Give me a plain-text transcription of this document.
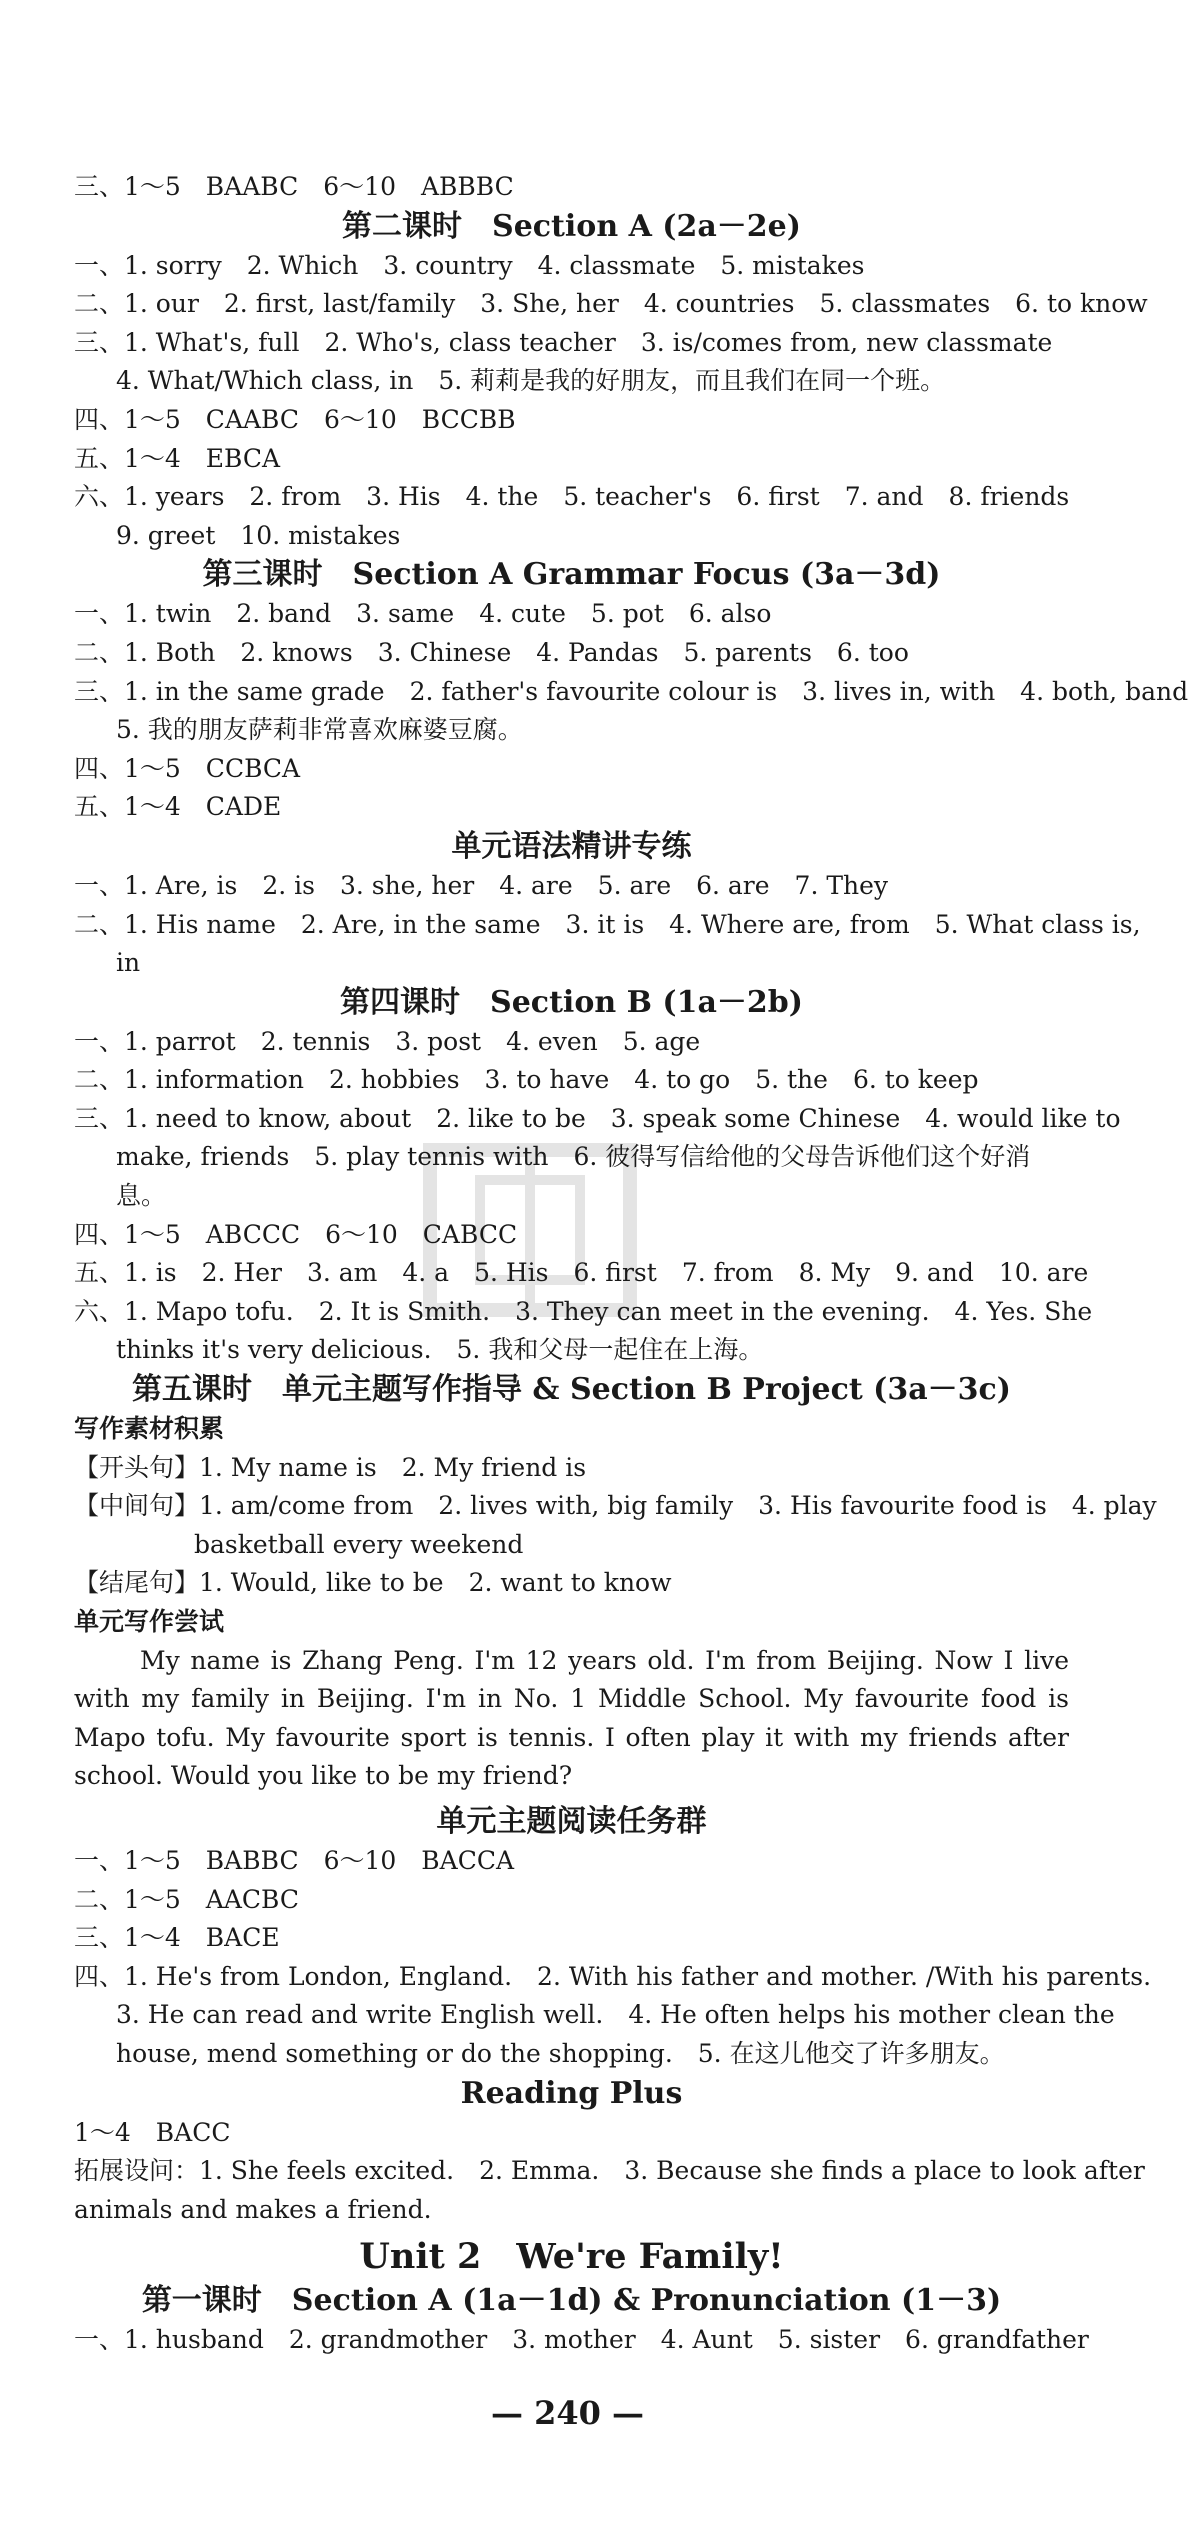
三、1～5　BAABC　6～10　ABBBC
第二课时　Section A (2a－2e)
一、1. sorry　2. Which　3. country　4. classmate　5. mistakes
二、1. our　2. first, last/family　3. She, her　4. countries　5. classmates　6. to know
三、1. What's, full　2. Who's, class teacher　3. is/comes from, new classmate
4. What/Which class, in　5. 莉莉是我的好朋友，而且我们在同一个班。
四、1～5　CAABC　6～10　BCCBB
五、1～4　EBCA
六、1. years　2. from　3. His　4. the　5. teacher's　6. first　7. and　8. friends
9. greet　10. mistakes
第三课时　Section A Grammar Focus (3a－3d)
一、1. twin　2. band　3. same　4. cute　5. pot　6. also
二、1. Both　2. knows　3. Chinese　4. Pandas　5. parents　6. too
三、1. in the same grade　2. father's favourite colour is　3. lives in, with　4. both, band
5. 我的朋友萨莉非常喜欢麻婆豆腐。
四、1～5　CCBCA
五、1～4　CADE
单元语法精讲专练
一、1. Are, is　2. is　3. she, her　4. are　5. are　6. are　7. They
二、1. His name　2. Are, in the same　3. it is　4. Where are, from　5. What class is,
in
第四课时　Section B (1a－2b)
一、1. parrot　2. tennis　3. post　4. even　5. age
二、1. information　2. hobbies　3. to have　4. to go　5. the　6. to keep
三、1. need to know, about　2. like to be　3. speak some Chinese　4. would like to
make, friends　5. play tennis with　6. 彼得写信给他的父母告诉他们这个好消
息。
四、1～5　ABCCC　6～10　CABCC
五、1. is　2. Her　3. am　4. a　5. His　6. first　7. from　8. My　9. and　10. are
六、1. Mapo tofu.　2. It is Smith.　3. They can meet in the evening.　4. Yes. She
thinks it's very delicious.　5. 我和父母一起住在上海。
第五课时　单元主题写作指导 & Section B Project (3a－3c)
写作素材积累
【开头句】1. My name is　2. My friend is
【中间句】1. am/come from　2. lives with, big family　3. His favourite food is　4. play
basketball every weekend
【结尾句】1. Would, like to be　2. want to know
单元写作尝试
My name is Zhang Peng. I'm 12 years old. I'm from Beijing. Now I live with my family in Beijing. I'm in No. 1 Middle School. My favourite food is Mapo tofu. My favourite sport is tennis. I often play it with my friends after school. Would you like to be my friend?
单元主题阅读任务群
一、1～5　BABBC　6～10　BACCA
二、1～5　AACBC
三、1～4　BACE
四、1. He's from London, England.　2. With his father and mother. /With his parents.
3. He can read and write English well.　4. He often helps his mother clean the
house, mend something or do the shopping.　5. 在这儿他交了许多朋友。
Reading Plus
1～4　BACC
拓展设问：1. She feels excited.　2. Emma.　3. Because she finds a place to look after
animals and makes a friend.
Unit 2　We're Family!
第一课时　Section A (1a－1d) & Pronunciation (1－3)
一、1. husband　2. grandmother　3. mother　4. Aunt　5. sister　6. grandfather
— 240 —
